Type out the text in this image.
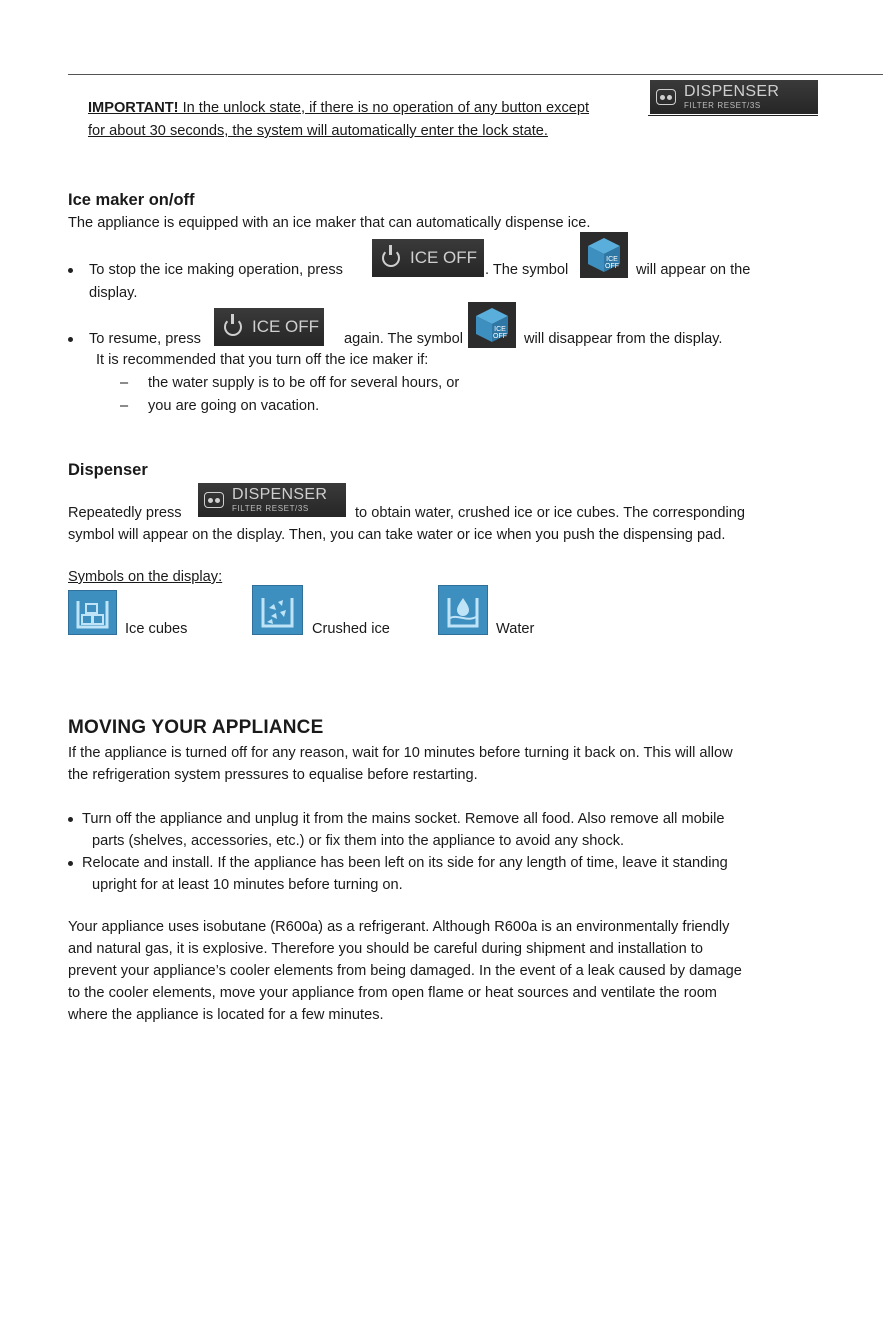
IMPORTANT! In the unlock state, if there is no operation of any button except
DISPENSER
FILTER RESET/3S
for about 30 seconds, the system will automatically enter the lock state.
Ice maker on/off
The appliance is equipped with an ice maker that can automatically dispense ice.
To stop the ice making operation, press
ICE OFF
. The symbol
ICE
OFF will appear on the
display.
To resume, press
ICE OFF
again. The symbol
ICE
OFF will disappear from the display.
It is recommended that you turn off the ice maker if:
– the water supply is to be off for several hours, or
– you are going on vacation.
Dispenser
Repeatedly press
DISPENSER
FILTER RESET/3S	to obtain water, crushed ice or ice cubes. The corresponding
symbol will appear on the display. Then, you can take water or ice when you push the dispensing pad.
Symbols on the display:
Ice cubes	Crushed ice	Water
MOVING YOUR APPLIANCE
If the appliance is turned off for any reason, wait for 10 minutes before turning it back on. This will allow
the refrigeration system pressures to equalise before restarting.
Turn off the appliance and unplug it from the mains socket. Remove all food. Also remove all mobile
parts (shelves, accessories, etc.) or fix them into the appliance to avoid any shock.
Relocate and install. If the appliance has been left on its side for any length of time, leave it standing
upright for at least 10 minutes before turning on.
Your appliance uses isobutane (R600a) as a refrigerant. Although R600a is an environmentally friendly
and natural gas, it is explosive. Therefore you should be careful during shipment and installation to
prevent your appliance’s cooler elements from being damaged. In the event of a leak caused by damage
to the cooler elements, move your appliance from open flame or heat sources and ventilate the room
where the appliance is located for a few minutes.
